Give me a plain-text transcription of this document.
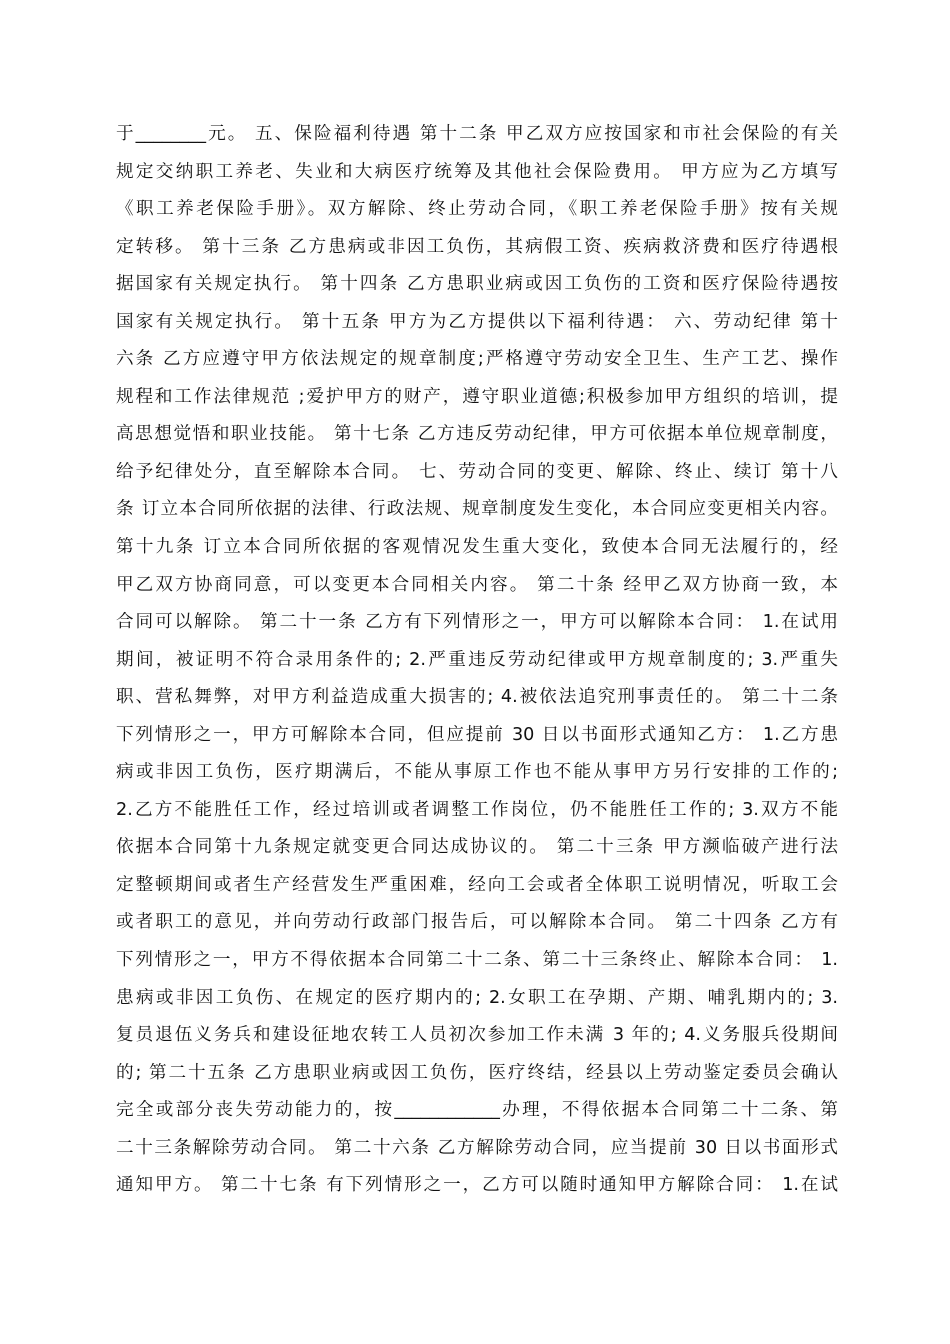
于________元。 五、保险福利待遇 第十二条 甲乙双方应按国家和市社会保险的有关
规定交纳职工养老、失业和大病医疗统筹及其他社会保险费用。 甲方应为乙方填写
《职工养老保险手册》。双方解除、终止劳动合同，《职工养老保险手册》按有关规
定转移。 第十三条 乙方患病或非因工负伤，其病假工资、疾病救济费和医疗待遇根
据国家有关规定执行。 第十四条 乙方患职业病或因工负伤的工资和医疗保险待遇按
国家有关规定执行。 第十五条 甲方为乙方提供以下福利待遇： 六、劳动纪律 第十
六条 乙方应遵守甲方依法规定的规章制度;严格遵守劳动安全卫生、生产工艺、操作
规程和工作法律规范 ;爱护甲方的财产，遵守职业道德;积极参加甲方组织的培训，提
高思想觉悟和职业技能。 第十七条 乙方违反劳动纪律，甲方可依据本单位规章制度，
给予纪律处分，直至解除本合同。 七、劳动合同的变更、解除、终止、续订 第十八
条 订立本合同所依据的法律、行政法规、规章制度发生变化，本合同应变更相关内容。
第十九条 订立本合同所依据的客观情况发生重大变化，致使本合同无法履行的，经
甲乙双方协商同意，可以变更本合同相关内容。 第二十条 经甲乙双方协商一致，本
合同可以解除。 第二十一条 乙方有下列情形之一，甲方可以解除本合同： 1.在试用
期间，被证明不符合录用条件的; 2.严重违反劳动纪律或甲方规章制度的; 3.严重失
职、营私舞弊，对甲方利益造成重大损害的; 4.被依法追究刑事责任的。 第二十二条
下列情形之一，甲方可解除本合同，但应提前 30 日以书面形式通知乙方： 1.乙方患
病或非因工负伤，医疗期满后，不能从事原工作也不能从事甲方另行安排的工作的;
2.乙方不能胜任工作，经过培训或者调整工作岗位，仍不能胜任工作的; 3.双方不能
依据本合同第十九条规定就变更合同达成协议的。 第二十三条 甲方濒临破产进行法
定整顿期间或者生产经营发生严重困难，经向工会或者全体职工说明情况，听取工会
或者职工的意见，并向劳动行政部门报告后，可以解除本合同。 第二十四条 乙方有
下列情形之一，甲方不得依据本合同第二十二条、第二十三条终止、解除本合同： 1.
患病或非因工负伤、在规定的医疗期内的; 2.女职工在孕期、产期、哺乳期内的; 3.
复员退伍义务兵和建设征地农转工人员初次参加工作未满 3 年的; 4.义务服兵役期间
的; 第二十五条 乙方患职业病或因工负伤，医疗终结，经县以上劳动鉴定委员会确认
完全或部分丧失劳动能力的，按____________办理，不得依据本合同第二十二条、第
二十三条解除劳动合同。 第二十六条 乙方解除劳动合同，应当提前 30 日以书面形式
通知甲方。 第二十七条 有下列情形之一，乙方可以随时通知甲方解除合同： 1.在试
